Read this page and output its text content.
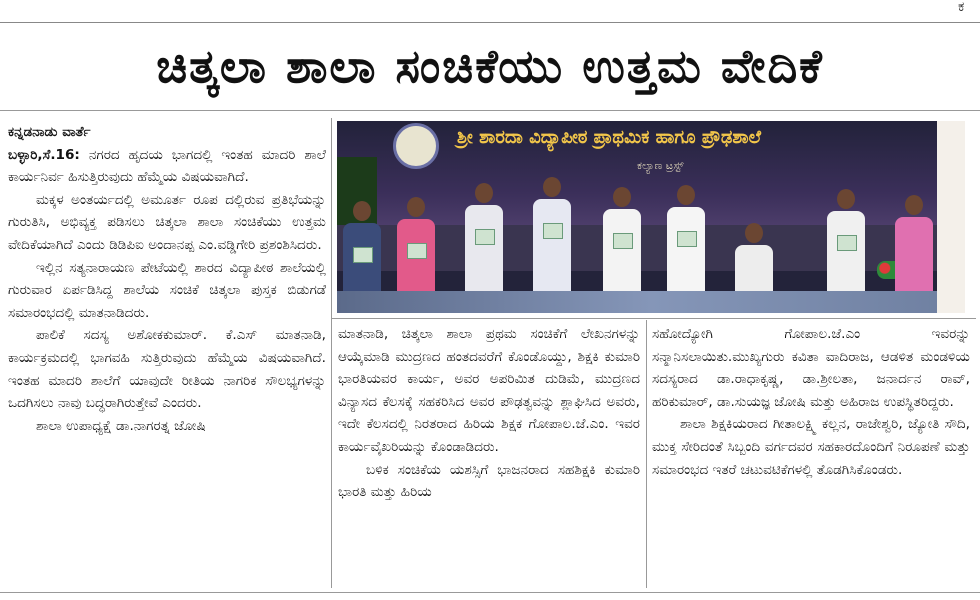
ಕ
ಚಿತ್ಕಲಾ ಶಾಲಾ ಸಂಚಿಕೆಯು ಉತ್ತಮ ವೇದಿಕೆ
ಶ್ರೀ ಶಾರದಾ ವಿದ್ಯಾಪೀಠ ಪ್ರಾಥಮಿಕ ಹಾಗೂ ಪ್ರೌಢಶಾಲೆ
ಕಲ್ಯಾಣ ಟ್ರಸ್ಟ್

ಕನ್ನಡನಾಡು ವಾರ್ತೆ

ಬಳ್ಳಾರಿ,ಸೆ.16: ನಗರದ ಹೃದಯ ಭಾಗದಲ್ಲಿ ಇಂತಹ ಮಾದರಿ ಶಾಲೆ ಕಾರ್ಯನಿರ್ವ ಹಿಸುತ್ತಿರುವುದು ಹೆಮ್ಮೆಯ ವಿಷಯವಾಗಿದೆ.

ಮಕ್ಕಳ ಅಂತರ್ಯದಲ್ಲಿ ಅಮೂರ್ತ ರೂಪ ದಲ್ಲಿರುವ ಪ್ರತಿಭೆಯನ್ನು ಗುರುತಿಸಿ, ಅಭಿವ್ಯಕ್ತ ಪಡಿಸಲು ಚಿತ್ಕಲಾ ಶಾಲಾ ಸಂಚಿಕೆಯು ಉತ್ತಮ ವೇದಿಕೆಯಾಗಿದೆ ಎಂದು ಡಿಡಿಪಿಐ ಅಂದಾನಪ್ಪ ಎಂ.ವಡ್ಡಿಗೇರಿ ಪ್ರಶಂಶಿಸಿದರು.

ಇಲ್ಲಿನ ಸತ್ಯನಾರಾಯಣ ಪೇಟೆಯಲ್ಲಿ ಶಾರದ ವಿದ್ಯಾಪೀಠ ಶಾಲೆಯಲ್ಲಿ ಗುರುವಾರ ಏರ್ಪಡಿಸಿದ್ದ ಶಾಲೆಯ ಸಂಚಿಕೆ ಚಿತ್ಕಲಾ ಪುಸ್ತಕ ಬಿಡುಗಡೆ ಸಮಾರಂಭದಲ್ಲಿ ಮಾತನಾಡಿದರು.

ಪಾಲಿಕೆ ಸದಸ್ಯ ಅಶೋಕಕುಮಾರ್. ಕೆ.ಎಸ್ ಮಾತನಾಡಿ, ಕಾರ್ಯಕ್ರಮದಲ್ಲಿ ಭಾಗವಹಿ ಸುತ್ತಿರುವುದು ಹೆಮ್ಮೆಯ ವಿಷಯವಾಗಿದೆ. ಇಂತಹ ಮಾದರಿ ಶಾಲೆಗೆ ಯಾವುದೇ ರೀತಿಯ ನಾಗರಿಕ ಸೌಲಭ್ಯಗಳನ್ನು ಒದಗಿಸಲು ನಾವು ಬದ್ಧರಾಗಿರುತ್ತೇವೆ ಎಂದರು.

ಶಾಲಾ ಉಪಾಧ್ಯಕ್ಷೆ ಡಾ.ನಾಗರತ್ನ ಜೋಷಿ

ಮಾತನಾಡಿ, ಚಿತ್ಕಲಾ ಶಾಲಾ ಪ್ರಥಮ ಸಂಚಿಕೆಗೆ ಲೇಖನಗಳನ್ನು ಆಯ್ಕೆಮಾಡಿ ಮುದ್ರಣದ ಹಂತದವರೆಗೆ ಕೊಂಡೊಯ್ದು, ಶಿಕ್ಷಕಿ ಕುಮಾರಿ ಭಾರತಿಯವರ ಕಾರ್ಯ, ಅವರ ಅಪರಿಮಿತ ದುಡಿಮೆ, ಮುದ್ರಣದ ವಿನ್ಯಾಸದ ಕೆಲಸಕ್ಕೆ ಸಹಕರಿಸಿದ ಅವರ ಪೌಢತ್ವವನ್ನು ಶ್ಲಾಘಿಸಿದ ಅವರು, ಇದೇ ಕೆಲಸದಲ್ಲಿ ನಿರತರಾದ ಹಿರಿಯ ಶಿಕ್ಷಕ ಗೋಪಾಲ.ಜೆ.ಎಂ. ಇವರ ಕಾರ್ಯವೈಖರಿಯನ್ನು ಕೊಂಡಾಡಿದರು.

ಬಳಿಕ ಸಂಚಿಕೆಯ ಯಶಸ್ಸಿಗೆ ಭಾಜನರಾದ ಸಹಶಿಕ್ಷಕಿ ಕುಮಾರಿ ಭಾರತಿ ಮತ್ತು ಹಿರಿಯ

ಸಹೋದ್ಯೋಗಿ ಗೋಪಾಲ.ಜೆ.ಎಂ ಇವರನ್ನು ಸನ್ಮಾನಿಸಲಾಯಿತು.ಮುಖ್ಯಗುರು ಕವಿತಾ ವಾದಿರಾಜ, ಆಡಳಿತ ಮಂಡಳಿಯ ಸದಸ್ಯರಾದ ಡಾ.ರಾಧಾಕೃಷ್ಣ, ಡಾ.ಶ್ರೀಲತಾ, ಜನಾರ್ದನ ರಾವ್, ಹರಿಕುಮಾರ್, ಡಾ.ಸುಯಜ್ಞ ಜೋಷಿ ಮತ್ತು ಅಹಿರಾಜ ಉಪಸ್ಥಿತರಿದ್ದರು.

ಶಾಲಾ ಶಿಕ್ಷಕಿಯರಾದ ಗೀತಾಲಕ್ಷ್ಮಿ ಕಲ್ಲನ, ರಾಜೇಶ್ವರಿ, ಜ್ಯೋತಿ ಸೌದಿ, ಮುಕ್ತ ಸೇರಿದಂತೆ ಸಿಬ್ಬಂದಿ ವರ್ಗದವರ ಸಹಕಾರದೊಂದಿಗೆ ನಿರೂಪಣೆ ಮತ್ತು ಸಮಾರಂಭದ ಇತರೆ ಚಟುವಟಿಕೆಗಳಲ್ಲಿ ತೊಡಗಿಸಿಕೊಂಡರು.
